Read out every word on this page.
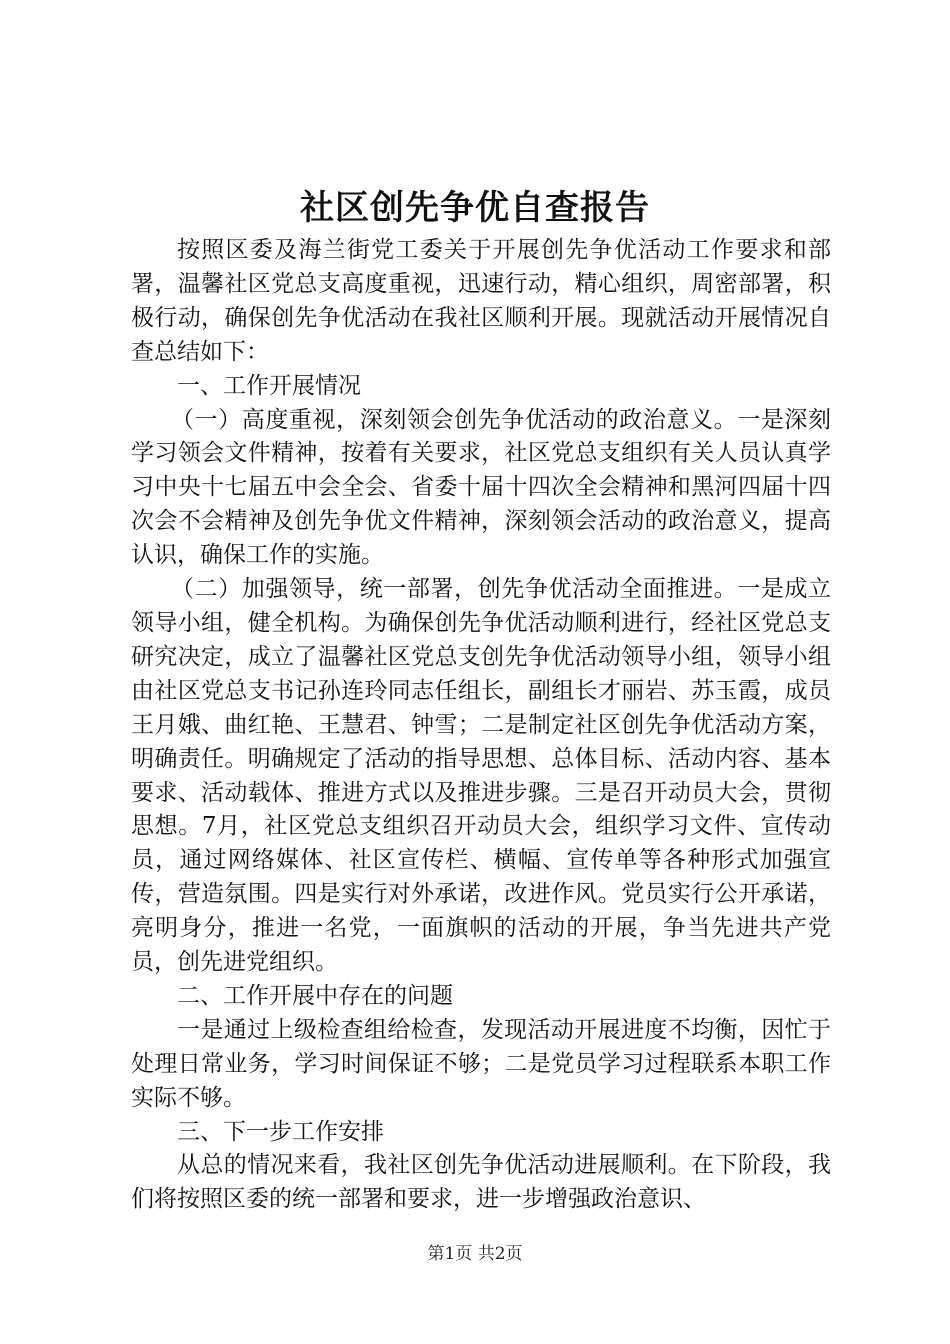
社区创先争优自查报告

按照区委及海兰街党工委关于开展创先争优活动工作要求和部署，温馨社区党总支高度重视，迅速行动，精心组织，周密部署，积极行动，确保创先争优活动在我社区顺利开展。现就活动开展情况自查总结如下：

一、工作开展情况

（一）高度重视，深刻领会创先争优活动的政治意义。一是深刻学习领会文件精神，按着有关要求，社区党总支组织有关人员认真学习中央十七届五中会全会、省委十届十四次全会精神和黑河四届十四次会不会精神及创先争优文件精神，深刻领会活动的政治意义，提高认识，确保工作的实施。

（二）加强领导，统一部署，创先争优活动全面推进。一是成立领导小组，健全机构。为确保创先争优活动顺利进行，经社区党总支研究决定，成立了温馨社区党总支创先争优活动领导小组，领导小组由社区党总支书记孙连玲同志任组长，副组长才丽岩、苏玉霞，成员王月娥、曲红艳、王慧君、钟雪；二是制定社区创先争优活动方案，明确责任。明确规定了活动的指导思想、总体目标、活动内容、基本要求、活动载体、推进方式以及推进步骤。三是召开动员大会，贯彻思想。7月，社区党总支组织召开动员大会，组织学习文件、宣传动员，通过网络媒体、社区宣传栏、横幅、宣传单等各种形式加强宣传，营造氛围。四是实行对外承诺，改进作风。党员实行公开承诺，亮明身分，推进一名党，一面旗帜的活动的开展，争当先进共产党员，创先进党组织。

二、工作开展中存在的问题

一是通过上级检查组给检查，发现活动开展进度不均衡，因忙于处理日常业务，学习时间保证不够；二是党员学习过程联系本职工作实际不够。

三、下一步工作安排

从总的情况来看，我社区创先争优活动进展顺利。在下阶段，我们将按照区委的统一部署和要求，进一步增强政治意识、

第1页 共2页
